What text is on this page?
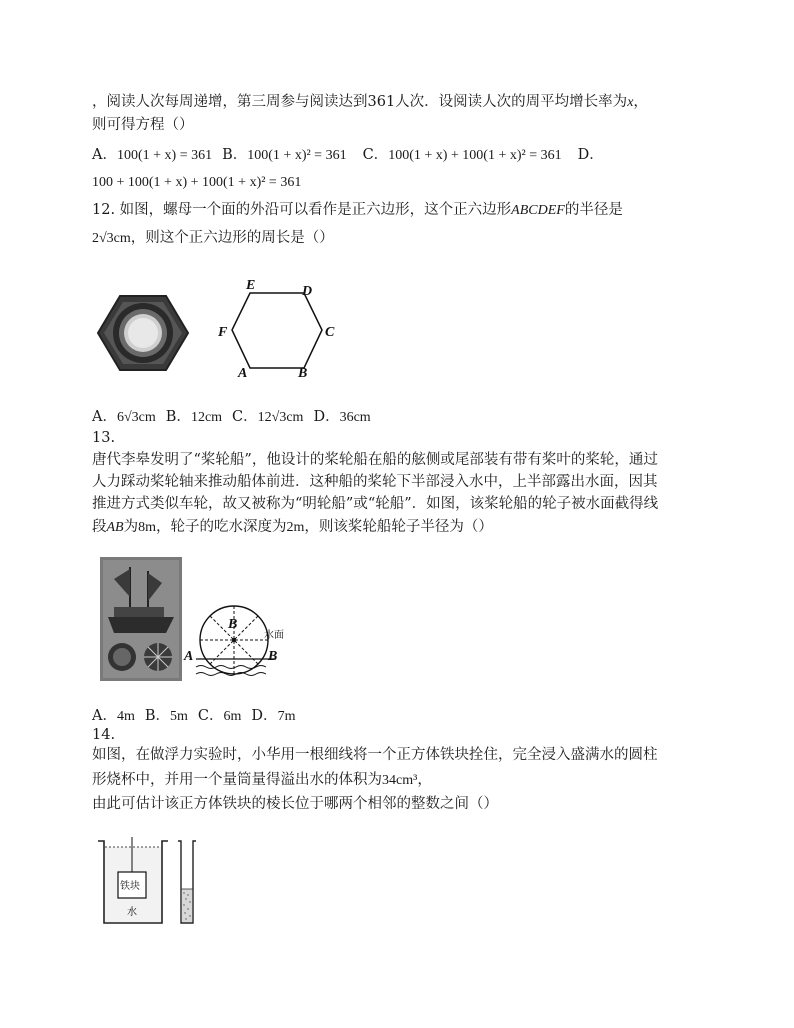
，阅读人次每周递增，第三周参与阅读达到361人次．设阅读人次的周平均增长率为x，
则可得方程（）
A．100(1 + x) = 361 B．100(1 + x)² = 361 C．100(1 + x) + 100(1 + x)² = 361 D．
100 + 100(1 + x) + 100(1 + x)² = 361
12. 如图，螺母一个面的外沿可以看作是正六边形，这个正六边形ABCDEF的半径是
2√3cm，则这个正六边形的周长是（）
E	D
C
F
A	B
A．6√3cm B．12cm C．12√3cm D．36cm
13.
唐代李皋发明了“桨轮船”，他设计的桨轮船在船的舷侧或尾部装有带有桨叶的桨轮，通过
人力踩动桨轮轴来推动船体前进．这种船的桨轮下半部浸入水中，上半部露出水面，因其
推进方式类似车轮，故又被称为“明轮船”或“轮船”．如图，该桨轮船的轮子被水面截得线
段AB为8m，轮子的吃水深度为2m，则该桨轮船轮子半径为（）
B
水面
B
A
A．4m B．5m C．6m D．7m
14.
如图，在做浮力实验时，小华用一根细线将一个正方体铁块拴住，完全浸入盛满水的圆柱
形烧杯中，并用一个量筒量得溢出水的体积为34cm³，
由此可估计该正方体铁块的棱长位于哪两个相邻的整数之间（）
铁块
水
